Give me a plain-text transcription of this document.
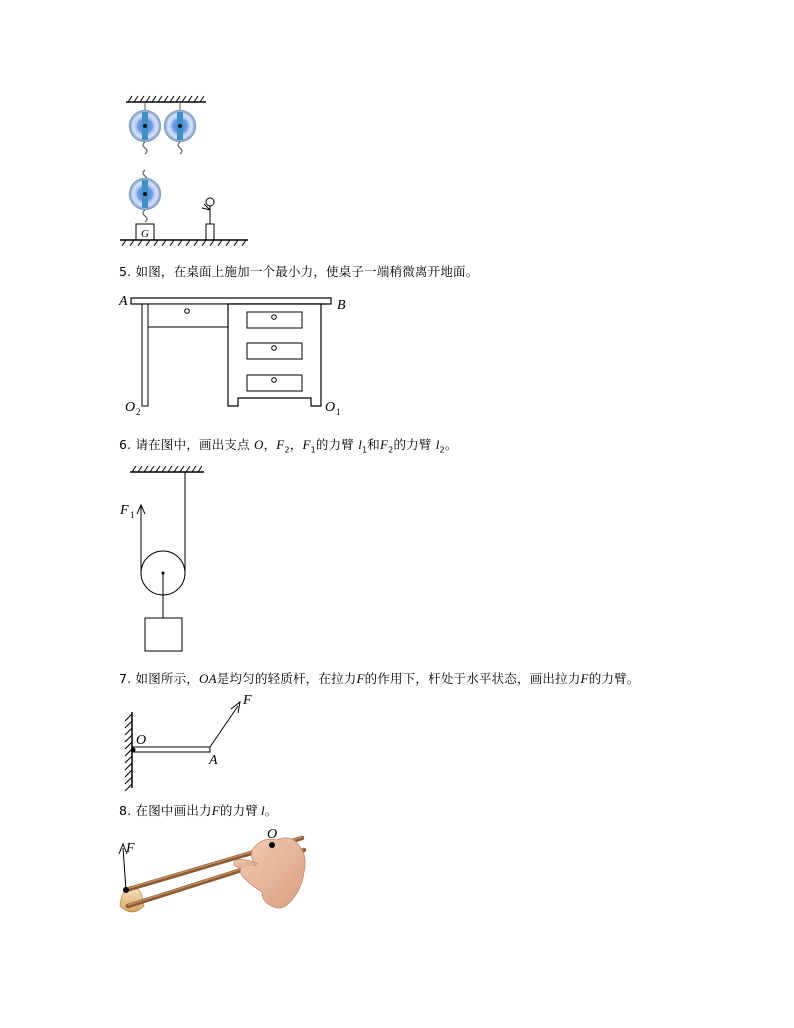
G
5. 如图，在桌面上施加一个最小力，使桌子一端稍微离开地面。
A	B
O 2	O 1
6. 请在图中，画出支点 O，$F_2$，$F_1$的力臂 $l_1$和$F_2$的力臂 $l_2$。
F 1
7. 如图所示，OA是均匀的轻质杆，在拉力F的作用下，杆处于水平状态，画出拉力F的力臂。
O
A
F
8. 在图中画出力F的力臂 l。
O
F
